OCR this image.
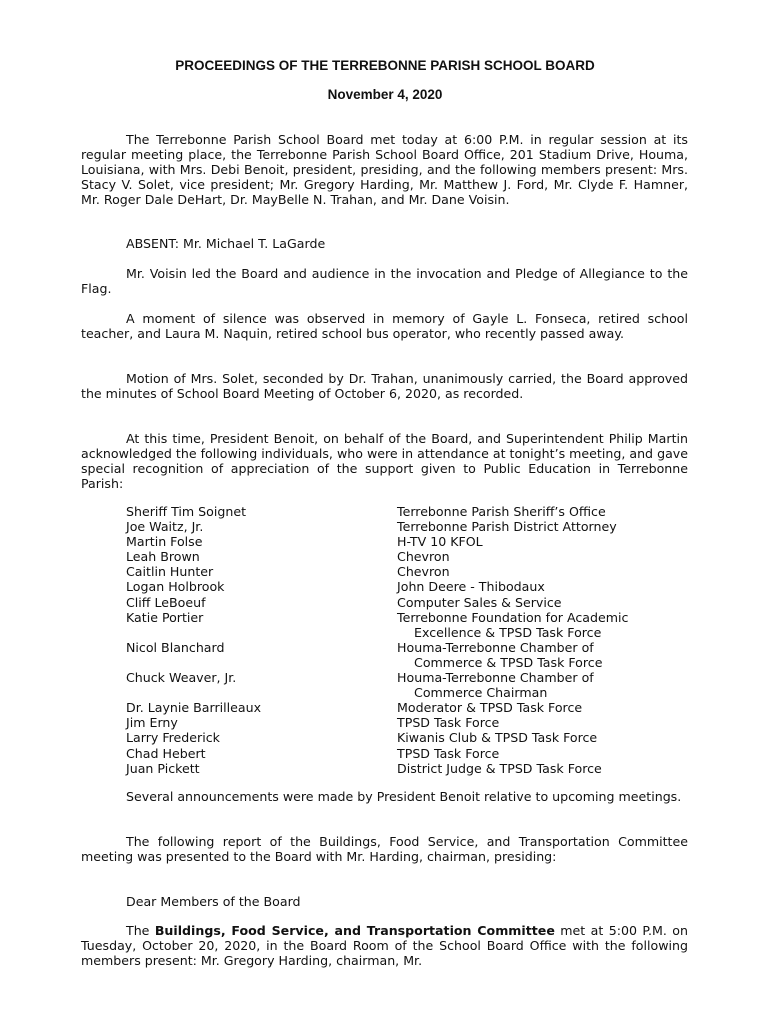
PROCEEDINGS OF THE TERREBONNE PARISH SCHOOL BOARD
November 4, 2020

The Terrebonne Parish School Board met today at 6:00 P.M. in regular session at its regular meeting place, the Terrebonne Parish School Board Office, 201 Stadium Drive, Houma, Louisiana, with Mrs. Debi Benoit, president, presiding, and the following members present: Mrs. Stacy V. Solet, vice president; Mr. Gregory Harding, Mr. Matthew J. Ford, Mr. Clyde F. Hamner, Mr. Roger Dale DeHart, Dr. MayBelle N. Trahan, and Mr. Dane Voisin.

ABSENT: Mr. Michael T. LaGarde

Mr. Voisin led the Board and audience in the invocation and Pledge of Allegiance to the Flag.

A moment of silence was observed in memory of Gayle L. Fonseca, retired school teacher, and Laura M. Naquin, retired school bus operator, who recently passed away.

Motion of Mrs. Solet, seconded by Dr. Trahan, unanimously carried, the Board approved the minutes of School Board Meeting of October 6, 2020, as recorded.

At this time, President Benoit, on behalf of the Board, and Superintendent Philip Martin acknowledged the following individuals, who were in attendance at tonight’s meeting, and gave special recognition of appreciation of the support given to Public Education in Terrebonne Parish:

Sheriff Tim Soignet	Terrebonne Parish Sheriff’s Office
Joe Waitz, Jr.	Terrebonne Parish District Attorney
Martin Folse	H-TV 10 KFOL
Leah Brown	Chevron
Caitlin Hunter	Chevron
Logan Holbrook	John Deere - Thibodaux
Cliff LeBoeuf	Computer Sales & Service
Katie Portier	Terrebonne Foundation for Academic
Excellence & TPSD Task Force
Nicol Blanchard	Houma-Terrebonne Chamber of
Commerce & TPSD Task Force
Chuck Weaver, Jr.	Houma-Terrebonne Chamber of
Commerce Chairman
Dr. Laynie Barrilleaux	Moderator & TPSD Task Force
Jim Erny	TPSD Task Force
Larry Frederick	Kiwanis Club & TPSD Task Force
Chad Hebert	TPSD Task Force
Juan Pickett	District Judge & TPSD Task Force

Several announcements were made by President Benoit relative to upcoming meetings.

The following report of the Buildings, Food Service, and Transportation Committee meeting was presented to the Board with Mr. Harding, chairman, presiding:

Dear Members of the Board

The Buildings, Food Service, and Transportation Committee met at 5:00 P.M. on Tuesday, October 20, 2020, in the Board Room of the School Board Office with the following members present: Mr. Gregory Harding, chairman, Mr.
